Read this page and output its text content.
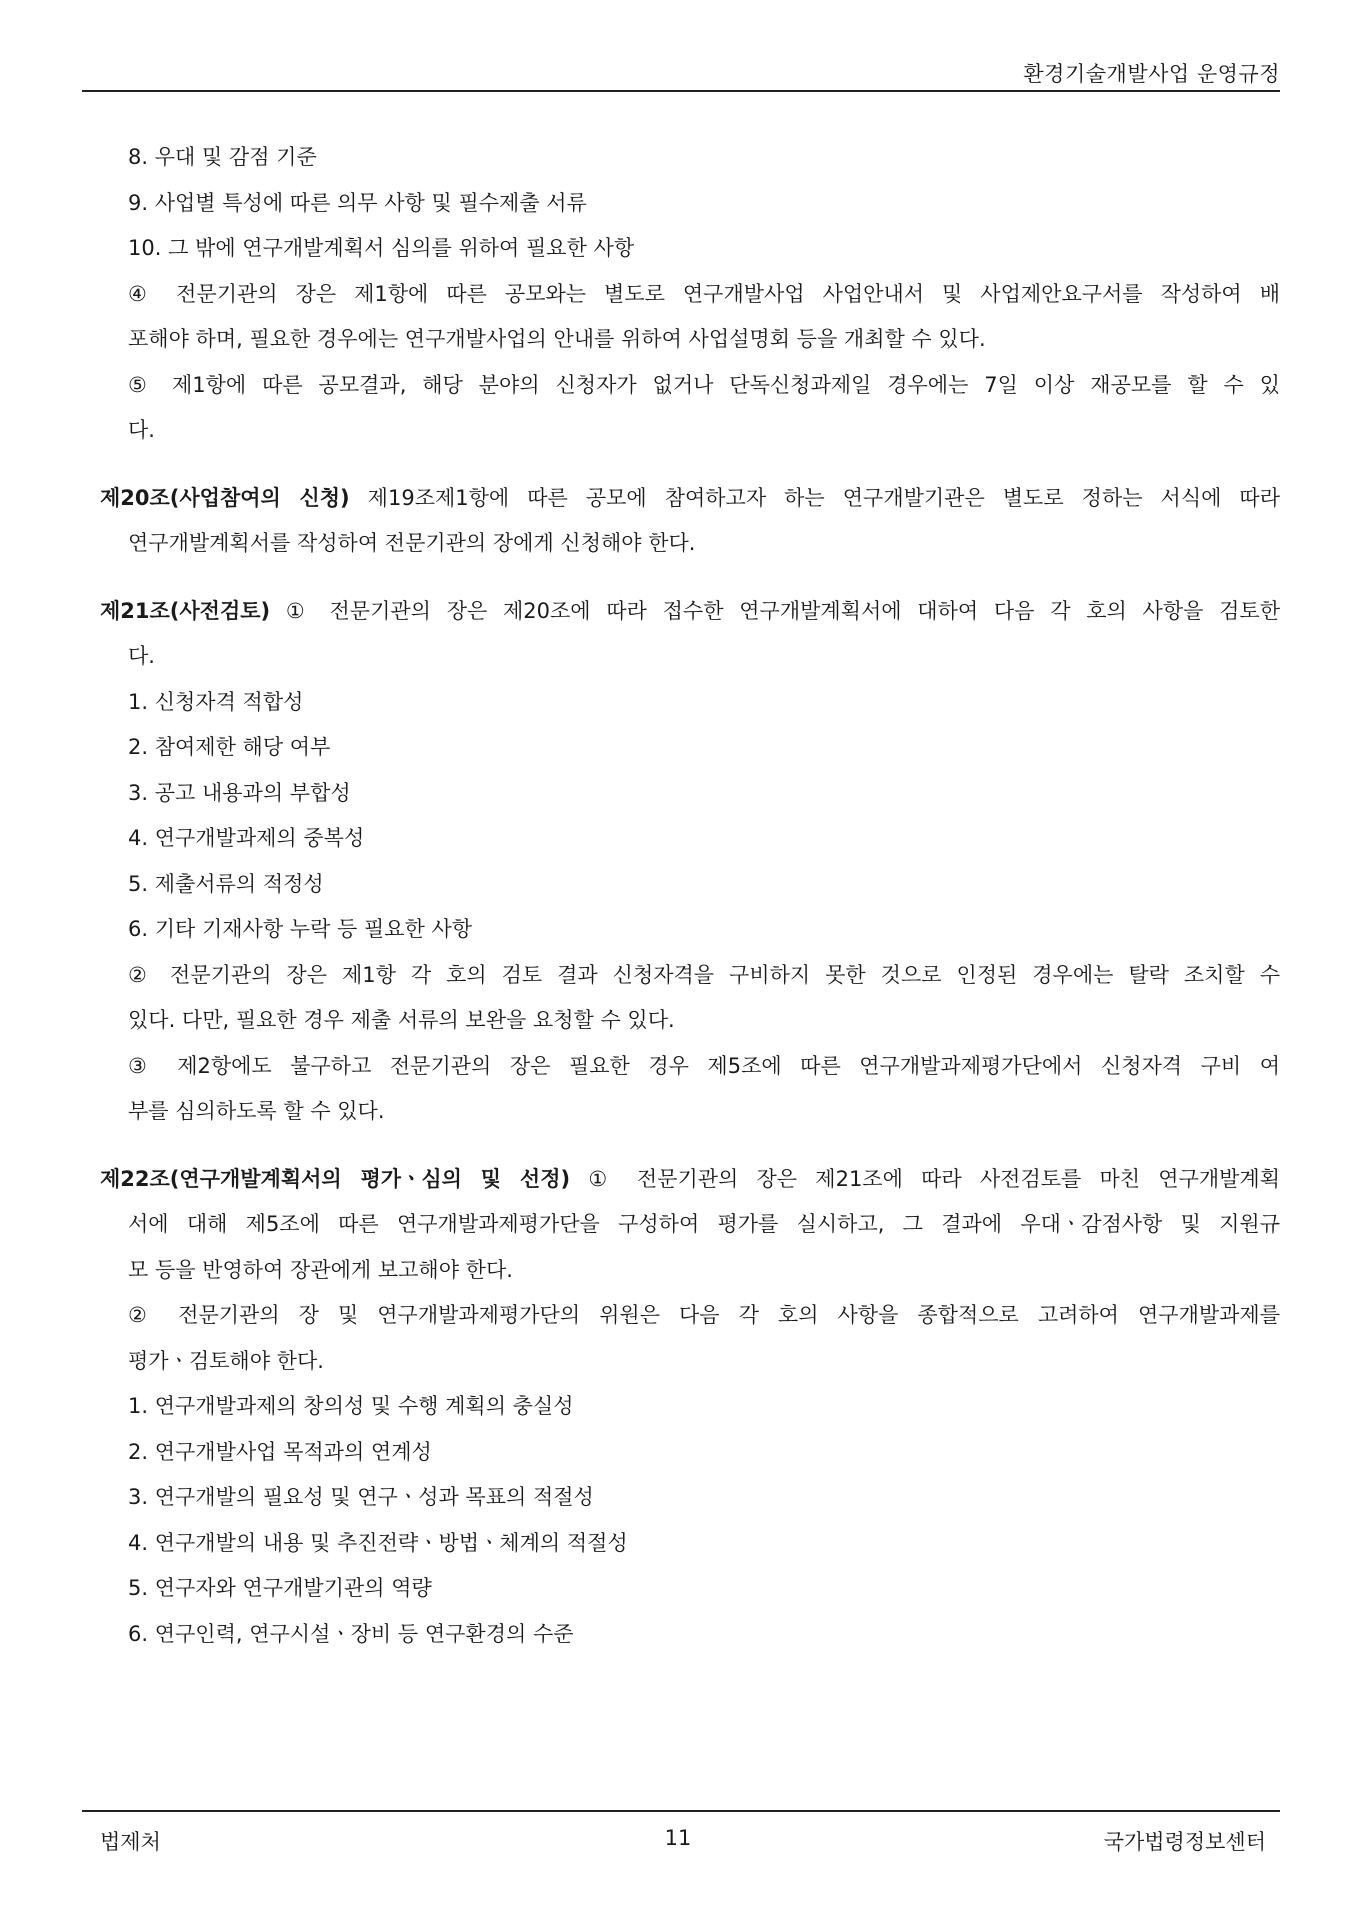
환경기술개발사업 운영규정
8. 우대 및 감점 기준
9. 사업별 특성에 따른 의무 사항 및 필수제출 서류
10. 그 밖에 연구개발계획서 심의를 위하여 필요한 사항
④ 전문기관의 장은 제1항에 따른 공모와는 별도로 연구개발사업 사업안내서 및 사업제안요구서를 작성하여 배
포해야 하며, 필요한 경우에는 연구개발사업의 안내를 위하여 사업설명회 등을 개최할 수 있다.
⑤ 제1항에 따른 공모결과, 해당 분야의 신청자가 없거나 단독신청과제일 경우에는 7일 이상 재공모를 할 수 있
다.
제20조(사업참여의 신청) 제19조제1항에 따른 공모에 참여하고자 하는 연구개발기관은 별도로 정하는 서식에 따라
연구개발계획서를 작성하여 전문기관의 장에게 신청해야 한다.
제21조(사전검토) ① 전문기관의 장은 제20조에 따라 접수한 연구개발계획서에 대하여 다음 각 호의 사항을 검토한
다.
1. 신청자격 적합성
2. 참여제한 해당 여부
3. 공고 내용과의 부합성
4. 연구개발과제의 중복성
5. 제출서류의 적정성
6. 기타 기재사항 누락 등 필요한 사항
② 전문기관의 장은 제1항 각 호의 검토 결과 신청자격을 구비하지 못한 것으로 인정된 경우에는 탈락 조치할 수
있다. 다만, 필요한 경우 제출 서류의 보완을 요청할 수 있다.
③ 제2항에도 불구하고 전문기관의 장은 필요한 경우 제5조에 따른 연구개발과제평가단에서 신청자격 구비 여
부를 심의하도록 할 수 있다.
제22조(연구개발계획서의 평가ㆍ심의 및 선정) ① 전문기관의 장은 제21조에 따라 사전검토를 마친 연구개발계획
서에 대해 제5조에 따른 연구개발과제평가단을 구성하여 평가를 실시하고, 그 결과에 우대ㆍ감점사항 및 지원규
모 등을 반영하여 장관에게 보고해야 한다.
② 전문기관의 장 및 연구개발과제평가단의 위원은 다음 각 호의 사항을 종합적으로 고려하여 연구개발과제를
평가ㆍ검토해야 한다.
1. 연구개발과제의 창의성 및 수행 계획의 충실성
2. 연구개발사업 목적과의 연계성
3. 연구개발의 필요성 및 연구ㆍ성과 목표의 적절성
4. 연구개발의 내용 및 추진전략ㆍ방법ㆍ체계의 적절성
5. 연구자와 연구개발기관의 역량
6. 연구인력, 연구시설ㆍ장비 등 연구환경의 수준
법제처	11	국가법령정보센터
